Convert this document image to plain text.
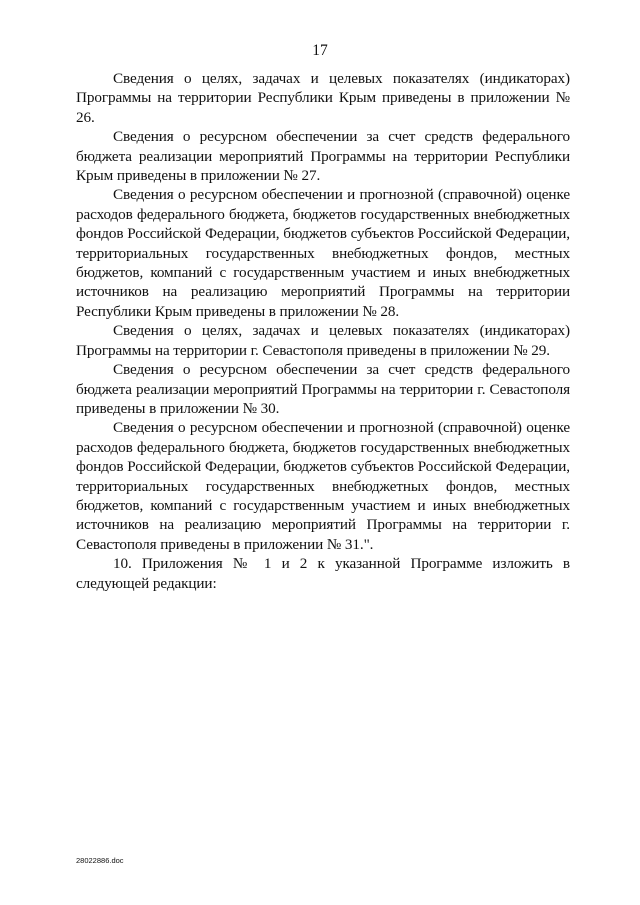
17

Сведения о целях, задачах и целевых показателях (индикаторах) Программы на территории Республики Крым приведены в приложении № 26.

Сведения о ресурсном обеспечении за счет средств федерального бюджета реализации мероприятий Программы на территории Республики Крым приведены в приложении № 27.

Сведения о ресурсном обеспечении и прогнозной (справочной) оценке расходов федерального бюджета, бюджетов государственных внебюджетных фондов Российской Федерации, бюджетов субъектов Российской Федерации, территориальных государственных внебюджетных фондов, местных бюджетов, компаний с государственным участием и иных внебюджетных источников на реализацию мероприятий Программы на территории Республики Крым приведены в приложении № 28.

Сведения о целях, задачах и целевых показателях (индикаторах) Программы на территории г. Севастополя приведены в приложении № 29.

Сведения о ресурсном обеспечении за счет средств федерального бюджета реализации мероприятий Программы на территории г. Севастополя приведены в приложении № 30.

Сведения о ресурсном обеспечении и прогнозной (справочной) оценке расходов федерального бюджета, бюджетов государственных внебюджетных фондов Российской Федерации, бюджетов субъектов Российской Федерации, территориальных государственных внебюджетных фондов, местных бюджетов, компаний с государственным участием и иных внебюджетных источников на реализацию мероприятий Программы на территории г. Севастополя приведены в приложении № 31.".

10. Приложения № 1 и 2 к указанной Программе изложить в следующей редакции:

28022886.doc
